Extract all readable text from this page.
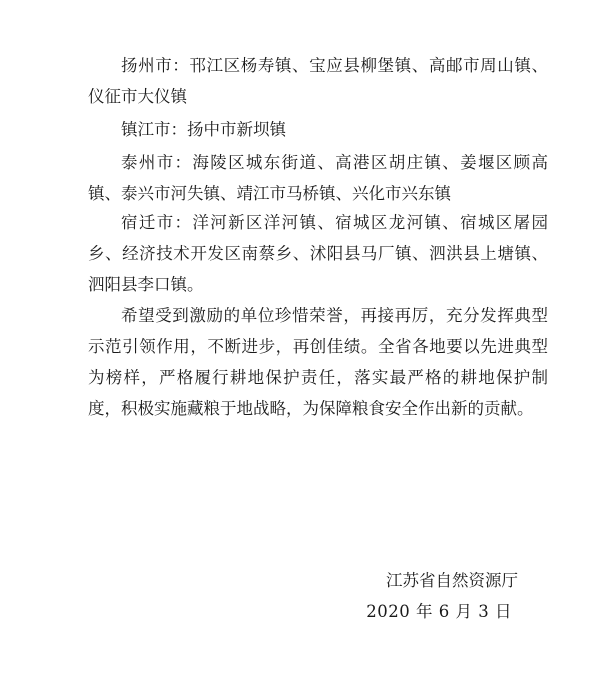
扬州市：邗江区杨寿镇、宝应县柳堡镇、高邮市周山镇、仪征市大仪镇

镇江市：扬中市新坝镇

泰州市：海陵区城东街道、高港区胡庄镇、姜堰区顾高镇、泰兴市河失镇、靖江市马桥镇、兴化市兴东镇

宿迁市：洋河新区洋河镇、宿城区龙河镇、宿城区屠园乡、经济技术开发区南蔡乡、沭阳县马厂镇、泗洪县上塘镇、泗阳县李口镇。

希望受到激励的单位珍惜荣誉，再接再厉，充分发挥典型示范引领作用，不断进步，再创佳绩。全省各地要以先进典型为榜样，严格履行耕地保护责任，落实最严格的耕地保护制度，积极实施藏粮于地战略，为保障粮食安全作出新的贡献。

江苏省自然资源厅
2020 年 6 月 3 日
